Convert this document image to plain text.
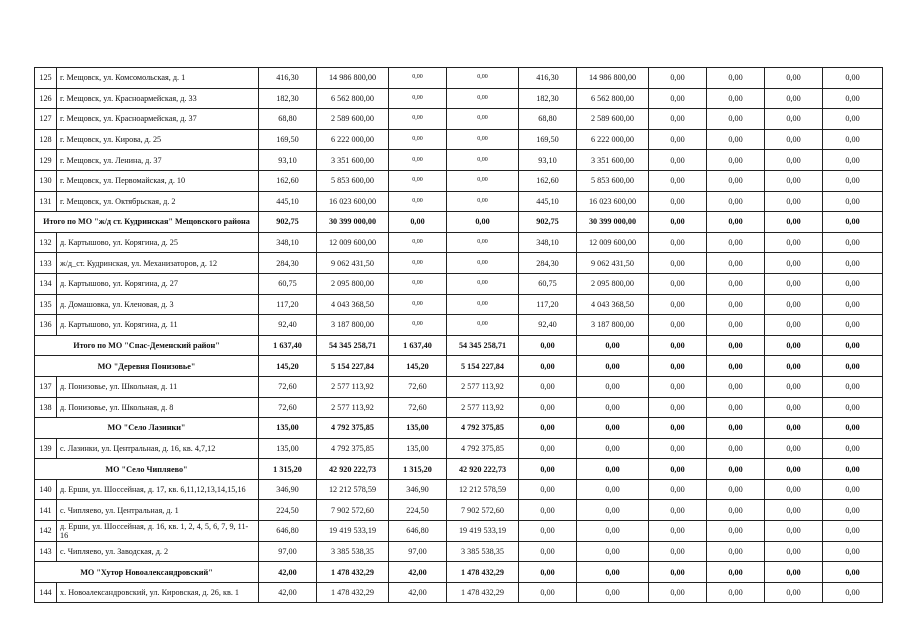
125	г. Мещовск, ул. Комсомольская, д. 1	416,30	14 986 800,00	0,00	0,00	416,30	14 986 800,00	0,00	0,00	0,00	0,00
126	г. Мещовск, ул. Красноармейская, д. 33	182,30	6 562 800,00	0,00	0,00	182,30	6 562 800,00	0,00	0,00	0,00	0,00
127	г. Мещовск, ул. Красноармейская, д. 37	68,80	2 589 600,00	0,00	0,00	68,80	2 589 600,00	0,00	0,00	0,00	0,00
128	г. Мещовск, ул. Кирова, д. 25	169,50	6 222 000,00	0,00	0,00	169,50	6 222 000,00	0,00	0,00	0,00	0,00
129	г. Мещовск, ул. Ленина, д. 37	93,10	3 351 600,00	0,00	0,00	93,10	3 351 600,00	0,00	0,00	0,00	0,00
130	г. Мещовск, ул. Первомайская, д. 10	162,60	5 853 600,00	0,00	0,00	162,60	5 853 600,00	0,00	0,00	0,00	0,00
131	г. Мещовск, ул. Октябрьская, д. 2	445,10	16 023 600,00	0,00	0,00	445,10	16 023 600,00	0,00	0,00	0,00	0,00
Итого по МО "ж/д ст. Кудринская" Мещовского района		902,75	30 399 000,00	0,00	0,00	902,75	30 399 000,00	0,00	0,00	0,00	0,00
132	д. Картышово, ул. Корягина, д. 25	348,10	12 009 600,00	0,00	0,00	348,10	12 009 600,00	0,00	0,00	0,00	0,00
133	ж/д_ст. Кудринская, ул. Механизаторов, д. 12	284,30	9 062 431,50	0,00	0,00	284,30	9 062 431,50	0,00	0,00	0,00	0,00
134	д. Картышово, ул. Корягина, д. 27	60,75	2 095 800,00	0,00	0,00	60,75	2 095 800,00	0,00	0,00	0,00	0,00
135	д. Домашовка, ул. Кленовая, д. 3	117,20	4 043 368,50	0,00	0,00	117,20	4 043 368,50	0,00	0,00	0,00	0,00
136	д. Картышово, ул. Корягина, д. 11	92,40	3 187 800,00	0,00	0,00	92,40	3 187 800,00	0,00	0,00	0,00	0,00
Итого по МО "Спас-Деменский район"		1 637,40	54 345 258,71	1 637,40	54 345 258,71	0,00	0,00	0,00	0,00	0,00	0,00
МО "Деревня Понизовье"		145,20	5 154 227,84	145,20	5 154 227,84	0,00	0,00	0,00	0,00	0,00	0,00
137	д. Понизовье, ул. Школьная, д. 11	72,60	2 577 113,92	72,60	2 577 113,92	0,00	0,00	0,00	0,00	0,00	0,00
138	д. Понизовье, ул. Школьная, д. 8	72,60	2 577 113,92	72,60	2 577 113,92	0,00	0,00	0,00	0,00	0,00	0,00
МО "Село Лазинки"		135,00	4 792 375,85	135,00	4 792 375,85	0,00	0,00	0,00	0,00	0,00	0,00
139	с. Лазинки, ул. Центральная, д. 16, кв. 4,7,12	135,00	4 792 375,85	135,00	4 792 375,85	0,00	0,00	0,00	0,00	0,00	0,00
МО "Село Чипляево"		1 315,20	42 920 222,73	1 315,20	42 920 222,73	0,00	0,00	0,00	0,00	0,00	0,00
140	д. Ерши, ул. Шоссейная, д. 17, кв. 6,11,12,13,14,15,16	346,90	12 212 578,59	346,90	12 212 578,59	0,00	0,00	0,00	0,00	0,00	0,00
141	с. Чипляево, ул. Центральная, д. 1	224,50	7 902 572,60	224,50	7 902 572,60	0,00	0,00	0,00	0,00	0,00	0,00
142	д. Ерши, ул. Шоссейная, д. 16, кв. 1, 2, 4, 5, 6, 7, 9, 11-16	646,80	19 419 533,19	646,80	19 419 533,19	0,00	0,00	0,00	0,00	0,00	0,00
143	с. Чипляево, ул. Заводская, д. 2	97,00	3 385 538,35	97,00	3 385 538,35	0,00	0,00	0,00	0,00	0,00	0,00
МО "Хутор Новоалександровский"		42,00	1 478 432,29	42,00	1 478 432,29	0,00	0,00	0,00	0,00	0,00	0,00
144	х. Новоалександровский, ул. Кировская, д. 26, кв. 1	42,00	1 478 432,29	42,00	1 478 432,29	0,00	0,00	0,00	0,00	0,00	0,00
